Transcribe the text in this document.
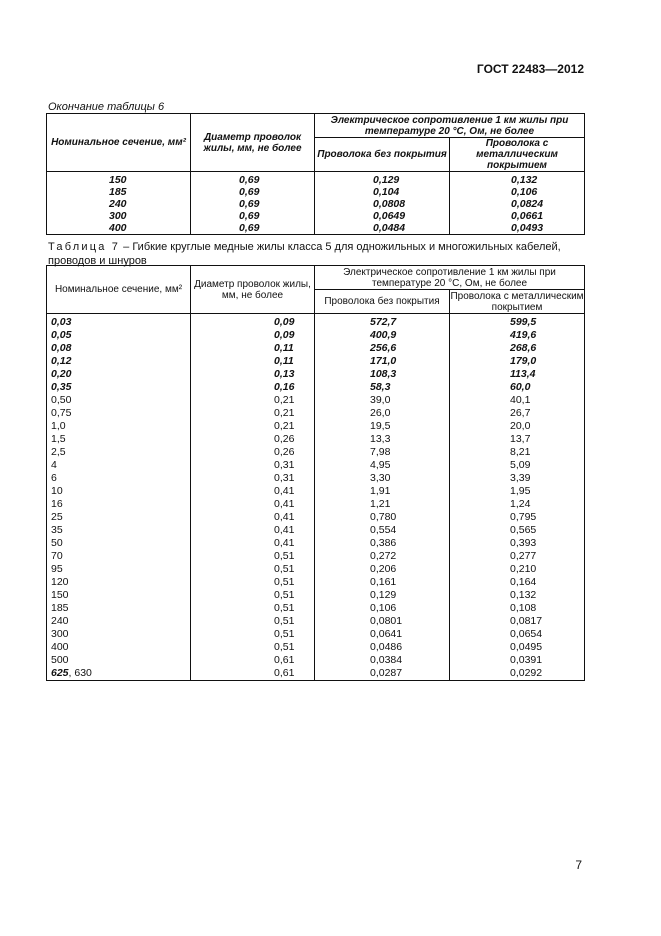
ГОСТ 22483—2012
Окончание таблицы 6
Номинальное сечение, мм²	Диаметр проволок жилы, мм, не более	Электрическое сопротивление 1 км жилы при температуре 20 °С, Ом, не более	
		Проволока без покрытия	Проволока с металлическим покрытием
150	0,69	0,129	0,132
185	0,69	0,104	0,106
240	0,69	0,0808	0,0824
300	0,69	0,0649	0,0661
400	0,69	0,0484	0,0493
Таблица 7 – Гибкие круглые медные жилы класса 5 для одножильных и многожильных кабелей, проводов и шнуров
Номинальное сечение, мм²	Диаметр проволок жилы, мм, не более	Электрическое сопротивление 1 км жилы при температуре 20 °С, Ом, не более	
		Проволока без покрытия	Проволока с металлическим покрытием
0,03	0,09	572,7	599,5
0,05	0,09	400,9	419,6
0,08	0,11	256,6	268,6
0,12	0,11	171,0	179,0
0,20	0,13	108,3	113,4
0,35	0,16	58,3	60,0
0,50	0,21	39,0	40,1
0,75	0,21	26,0	26,7
1,0	0,21	19,5	20,0
1,5	0,26	13,3	13,7
2,5	0,26	7,98	8,21
4	0,31	4,95	5,09
6	0,31	3,30	3,39
10	0,41	1,91	1,95
16	0,41	1,21	1,24
25	0,41	0,780	0,795
35	0,41	0,554	0,565
50	0,41	0,386	0,393
70	0,51	0,272	0,277
95	0,51	0,206	0,210
120	0,51	0,161	0,164
150	0,51	0,129	0,132
185	0,51	0,106	0,108
240	0,51	0,0801	0,0817
300	0,51	0,0641	0,0654
400	0,51	0,0486	0,0495
500	0,61	0,0384	0,0391
625, 630	0,61	0,0287	0,0292
7
